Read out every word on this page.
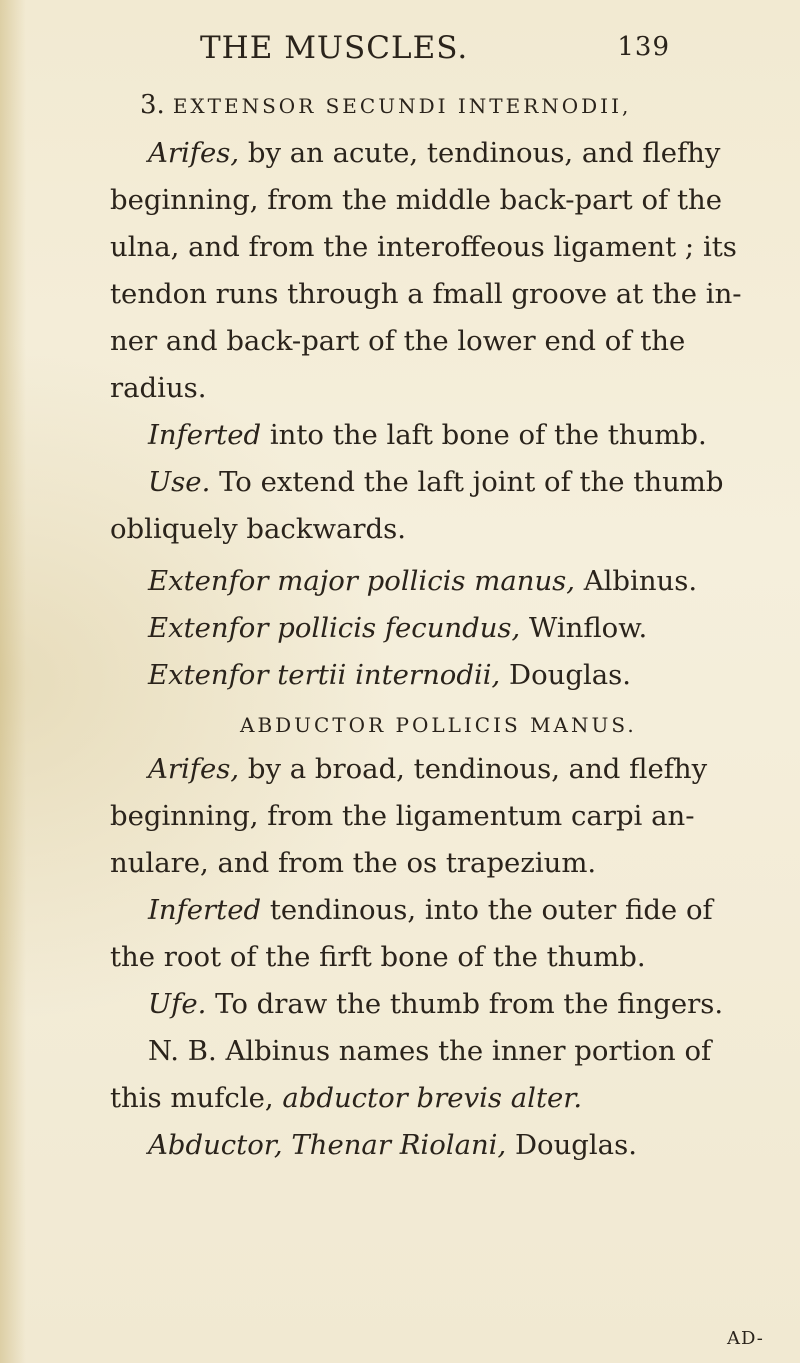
THE MUSCLES.	139
3. EXTENSOR SECUNDI INTERNODII,
Arifes, by an acute, tendinous, and flefhy
beginning, from the middle back-part of the
ulna, and from the interoffeous ligament ; its
tendon runs through a fmall groove at the in-
ner and back-part of the lower end of the
radius.
Inferted into the laft bone of the thumb.
Use. To extend the laft joint of the thumb
obliquely backwards.
Extenfor major pollicis manus, Albinus.
Extenfor pollicis fecundus, Winflow.
Extenfor tertii internodii, Douglas.
ABDUCTOR POLLICIS MANUS.
Arifes, by a broad, tendinous, and flefhy
beginning, from the ligamentum carpi an-
nulare, and from the os trapezium.
Inferted tendinous, into the outer fide of
the root of the firft bone of the thumb.
Ufe. To draw the thumb from the fingers.
N. B. Albinus names the inner portion of
this mufcle, abductor brevis alter.
Abductor, Thenar Riolani, Douglas.
AD-
